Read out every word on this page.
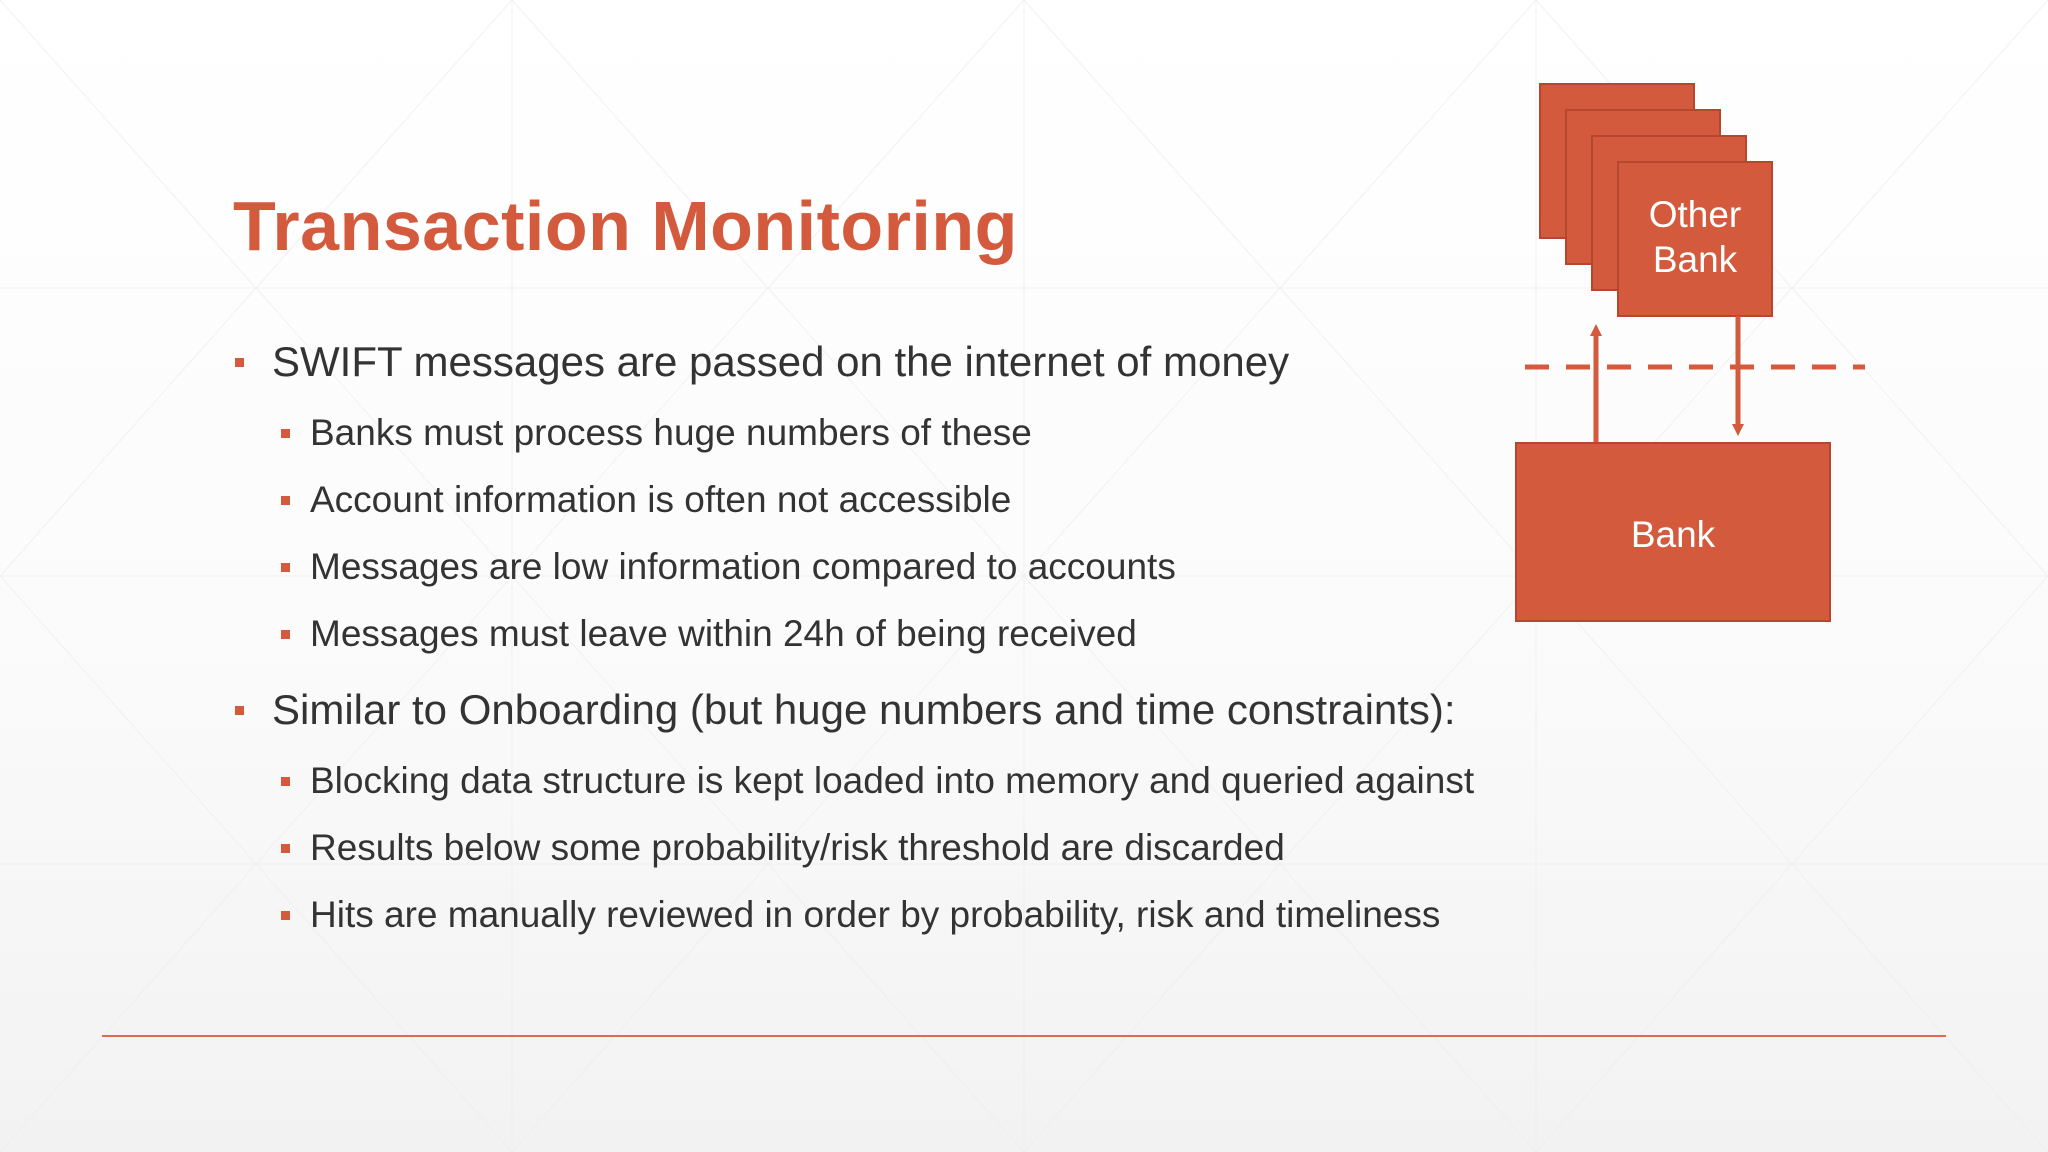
Transaction Monitoring
SWIFT messages are passed on the internet of money
Banks must process huge numbers of these
Account information is often not accessible
Messages are low information compared to accounts
Messages must leave within 24h of being received
Similar to Onboarding (but huge numbers and time constraints):
Blocking data structure is kept loaded into memory and queried against
Results below some probability/risk threshold are discarded
Hits are manually reviewed in order by probability, risk and timeliness
Other
Bank
Bank
